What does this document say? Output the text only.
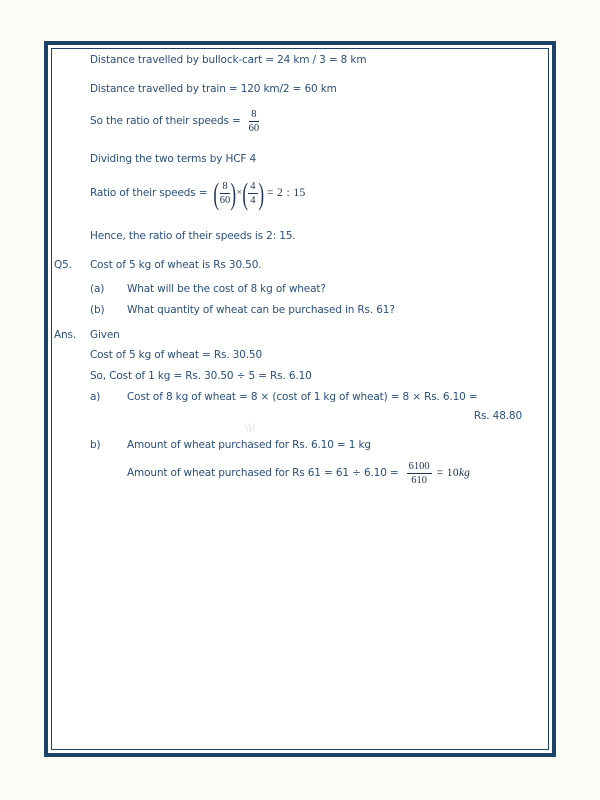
Distance travelled by bullock-cart = 24 km / 3 = 8 km

Distance travelled by train = 120 km/2 = 60 km

So the ratio of their speeds = $\frac{8}{60}$

Dividing the two terms by HCF 4

Ratio of their speeds = ( $\frac{8}{60}$ ) × ( $\frac{4}{4}$ ) = 2 : 15

Hence, the ratio of their speeds is 2: 15.

Q5.	Cost of 5 kg of wheat is Rs 30.50.
(a)	What will be the cost of 8 kg of wheat?
(b)	What quantity of wheat can be purchased in Rs. 61?
Ans.	Given

Cost of 5 kg of wheat = Rs. 30.50

So, Cost of 1 kg = Rs. 30.50 ÷ 5 = Rs. 6.10

a)	Cost of 8 kg of wheat = 8 × (cost of 1 kg of wheat) = 8 × Rs. 6.10 =

Rs. 48.80

b)	Amount of wheat purchased for Rs. 6.10 = 1 kg
Amount of wheat purchased for Rs $61 = 61 \div 6.10 = \frac{6100}{610} = 10$ kg
\|/
